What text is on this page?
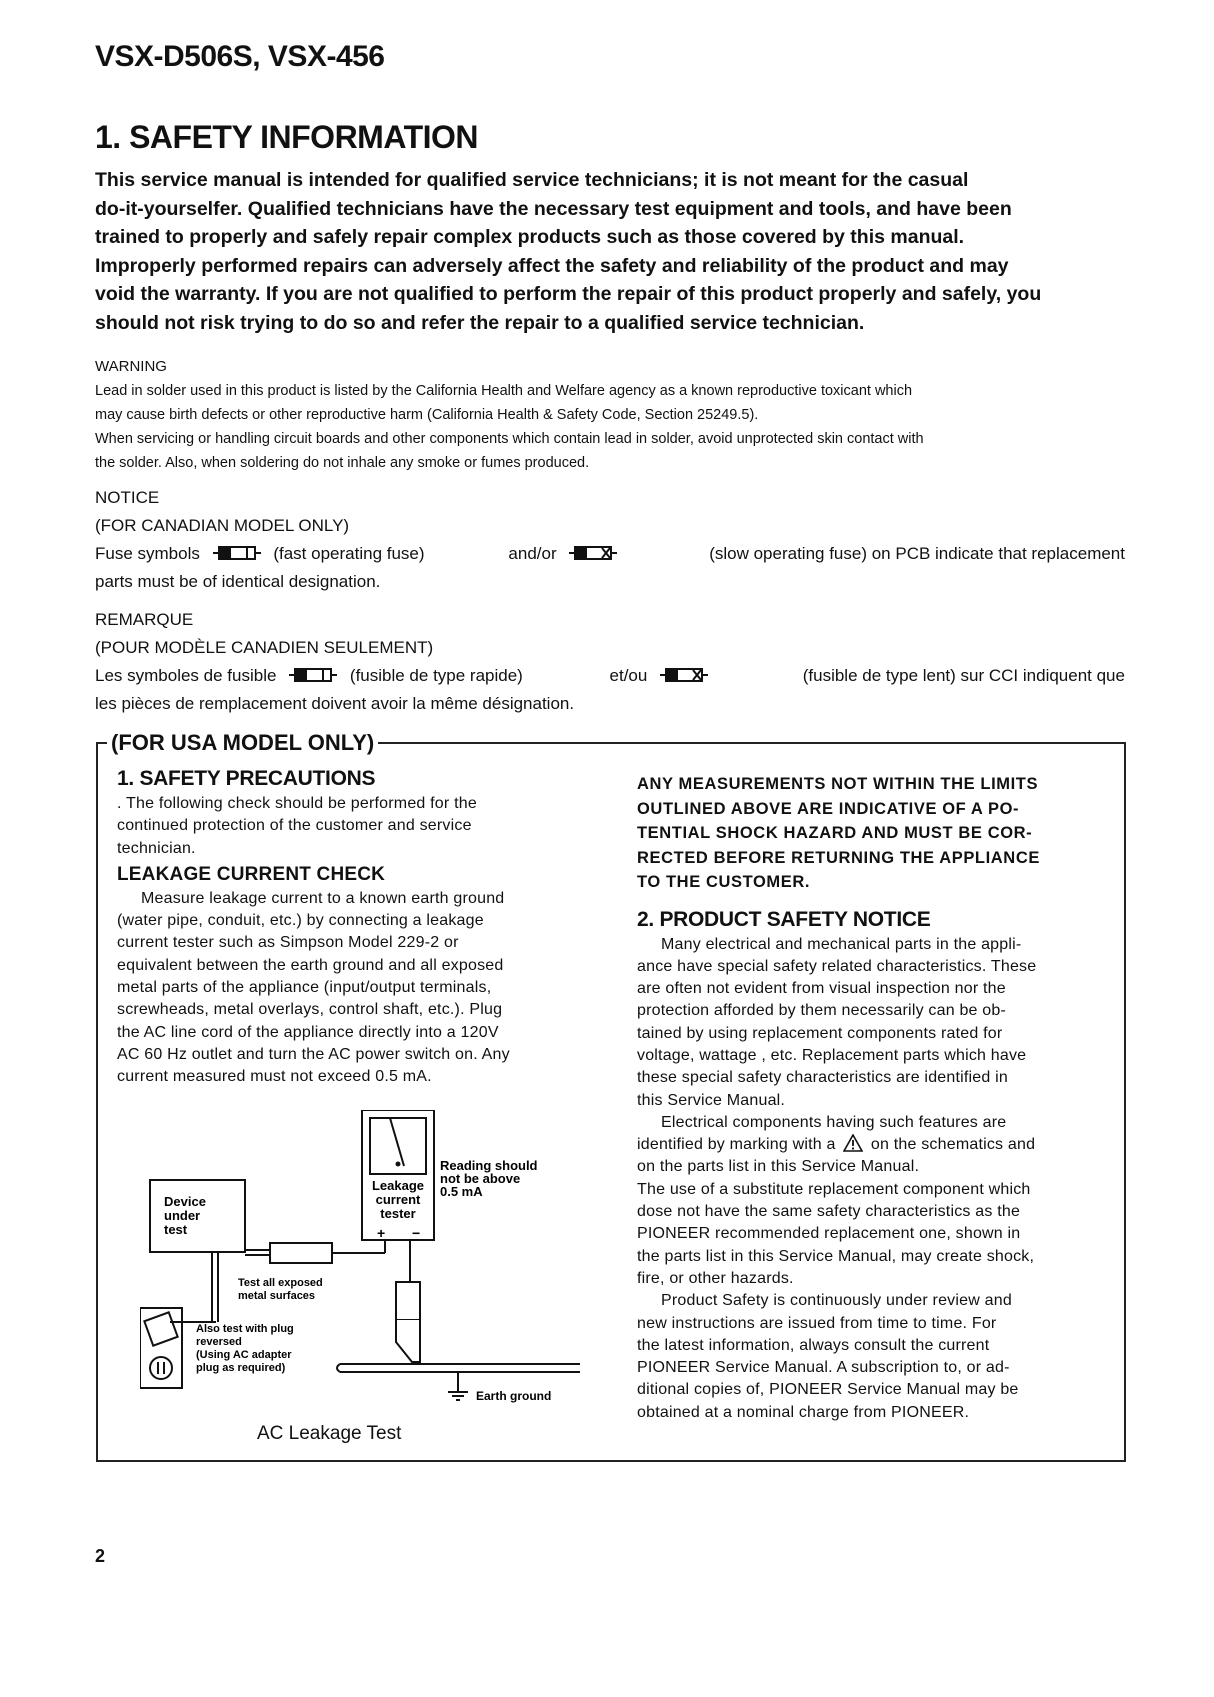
VSX-D506S, VSX-456
1. SAFETY INFORMATION
This service manual is intended for qualified service technicians; it is not meant for the casual
do-it-yourselfer. Qualified technicians have the necessary test equipment and tools, and have been
trained to properly and safely repair complex products such as those covered by this manual.
Improperly performed repairs can adversely affect the safety and reliability of the product and may
void the warranty. If you are not qualified to perform the repair of this product properly and safely, you
should not risk trying to do so and refer the repair to a qualified service technician.
WARNING
Lead in solder used in this product is listed by the California Health and Welfare agency as a known reproductive toxicant which
may cause birth defects or other reproductive harm (California Health & Safety Code, Section 25249.5).
When servicing or handling circuit boards and other components which contain lead in solder, avoid unprotected skin contact with
the solder. Also, when soldering do not inhale any smoke or fumes produced.
NOTICE
(FOR CANADIAN MODEL ONLY)
Fuse symbols	(fast operating fuse)	and/or	(slow operating fuse) on PCB indicate that replacement
parts must be of identical designation.
REMARQUE
(POUR MODÈLE CANADIEN SEULEMENT)
Les symboles de fusible	(fusible de type rapide)	et/ou	(fusible de type lent) sur CCI indiquent que
les pièces de remplacement doivent avoir la même désignation.
(FOR USA MODEL ONLY)
1. SAFETY PRECAUTIONS

. The following check should be performed for the

continued protection of the customer and service

technician.

LEAKAGE CURRENT CHECK

Measure leakage current to a known earth ground

(water pipe, conduit, etc.) by connecting a leakage

current tester such as Simpson Model 229-2 or

equivalent between the earth ground and all exposed

metal parts of the appliance (input/output terminals,

screwheads, metal overlays, control shaft, etc.). Plug

the AC line cord of the appliance directly into a 120V

AC 60 Hz outlet and turn the AC power switch on. Any

current measured must not exceed 0.5 mA.

Leakage
current
tester
Reading should
not be above
0.5 mA
+ −
Device
under
test
Test all exposed
metal surfaces
Also test with plug
reversed
(Using AC adapter
plug as required)
Earth ground
AC Leakage Test
ANY MEASUREMENTS NOT WITHIN THE LIMITS
OUTLINED ABOVE ARE INDICATIVE OF A PO-
TENTIAL SHOCK HAZARD AND MUST BE COR-
RECTED BEFORE RETURNING THE APPLIANCE
TO THE CUSTOMER.
2. PRODUCT SAFETY NOTICE

Many electrical and mechanical parts in the appli-

ance have special safety related characteristics. These

are often not evident from visual inspection nor the

protection afforded by them necessarily can be ob-

tained by using replacement components rated for

voltage, wattage , etc. Replacement parts which have

these special safety characteristics are identified in

this Service Manual.

Electrical components having such features are

identified by marking with a on the schematics and

on the parts list in this Service Manual.

The use of a substitute replacement component which

dose not have the same safety characteristics as the

PIONEER recommended replacement one, shown in

the parts list in this Service Manual, may create shock,

fire, or other hazards.

Product Safety is continuously under review and

new instructions are issued from time to time. For

the latest information, always consult the current

PIONEER Service Manual. A subscription to, or ad-

ditional copies of, PIONEER Service Manual may be

obtained at a nominal charge from PIONEER.

2
